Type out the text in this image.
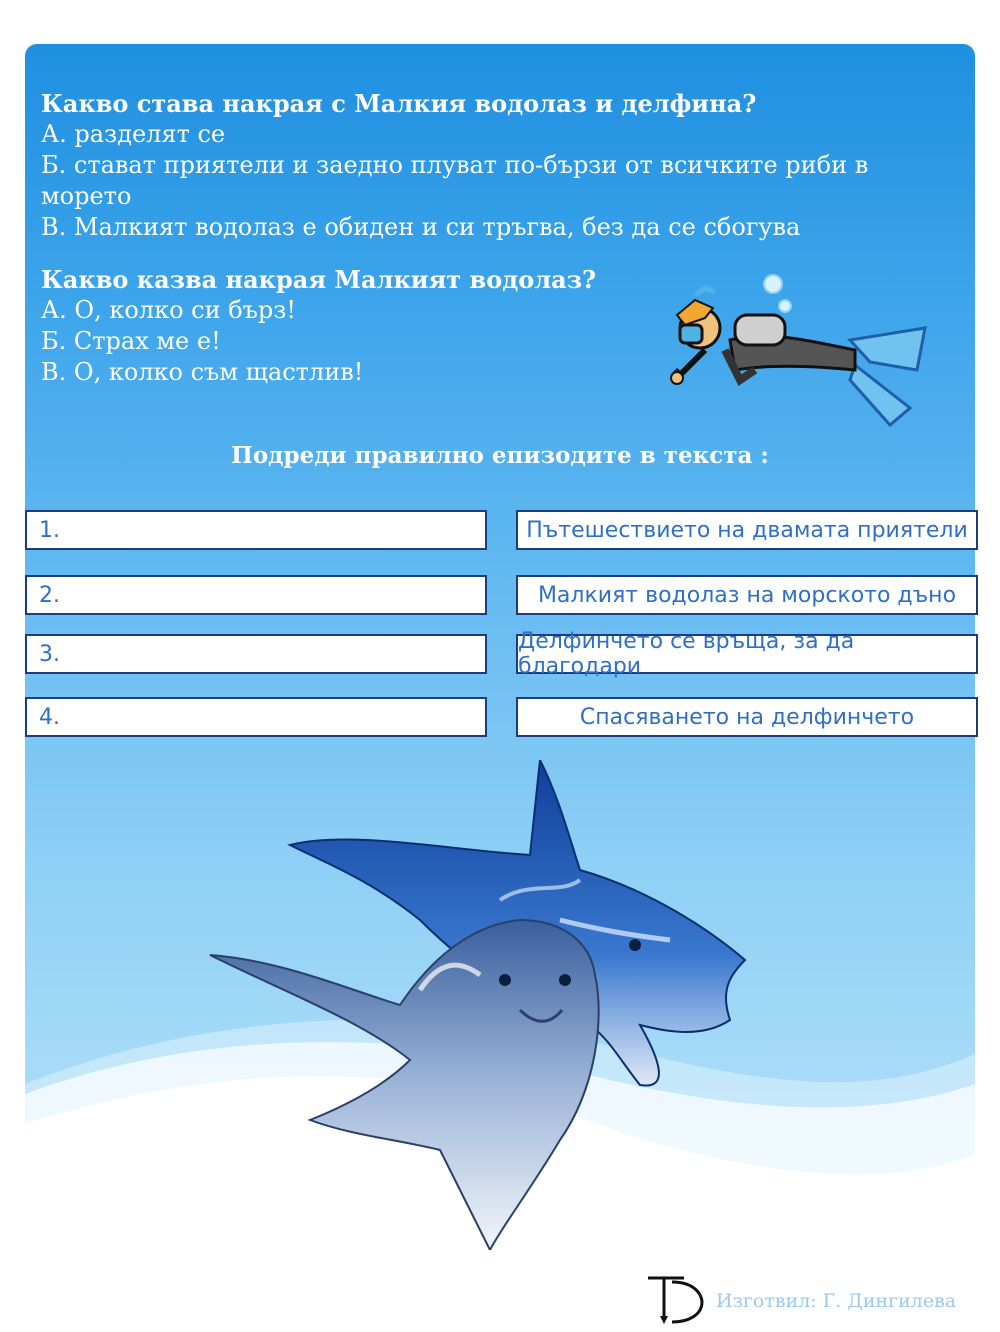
Какво става накрая с Малкия водолаз и делфина?
А. разделят се
Б. стават приятели и заедно плуват по-бързи от всичките риби в морето
В. Малкият водолаз е обиден и си тръгва, без да се сбогува
Какво казва накрая Малкият водолаз?
А. О, колко си бърз!
Б. Страх ме е!
В. О, колко съм щастлив!
Подреди правилно епизодите в текста :
1.
2.
3.
4.
Пътешествието на двамата приятели
Малкият водолаз на морското дъно
Делфинчето се връща, за да благодари
Спасяването на делфинчето
Изготвил: Г. Дингилева
